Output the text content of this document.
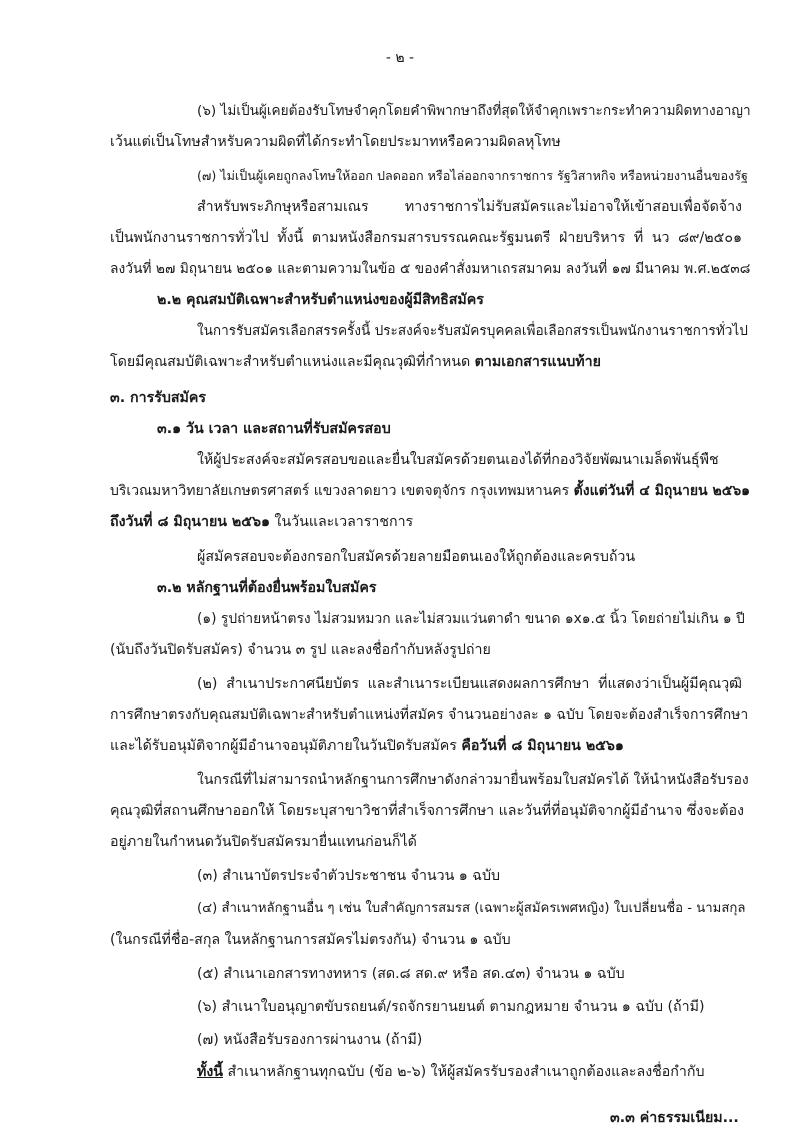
- ๒ -
(๖) ไม่เป็นผู้เคยต้องรับโทษจำคุกโดยคำพิพากษาถึงที่สุดให้จำคุกเพราะกระทำความผิดทางอาญา
เว้นแต่เป็นโทษสำหรับความผิดที่ได้กระทำโดยประมาทหรือความผิดลหุโทษ
(๗) ไม่เป็นผู้เคยถูกลงโทษให้ออก ปลดออก หรือไล่ออกจากราชการ รัฐวิสาหกิจ หรือหน่วยงานอื่นของรัฐ
สำหรับพระภิกษุหรือสามเณร ทางราชการไม่รับสมัครและไม่อาจให้เข้าสอบเพื่อจัดจ้าง
เป็นพนักงานราชการทั่วไป ทั้งนี้ ตามหนังสือกรมสารบรรณคณะรัฐมนตรี ฝ่ายบริหาร ที่ นว ๘๙/๒๕๐๑
ลงวันที่ ๒๗ มิถุนายน ๒๕๐๑ และตามความในข้อ ๕ ของคำสั่งมหาเถรสมาคม ลงวันที่ ๑๗ มีนาคม พ.ศ.๒๕๓๘
๒.๒ คุณสมบัติเฉพาะสำหรับตำแหน่งของผู้มีสิทธิสมัคร
ในการรับสมัครเลือกสรรครั้งนี้ ประสงค์จะรับสมัครบุคคลเพื่อเลือกสรรเป็นพนักงานราชการทั่วไป
โดยมีคุณสมบัติเฉพาะสำหรับตำแหน่งและมีคุณวุฒิที่กำหนด ตามเอกสารแนบท้าย
๓. การรับสมัคร
๓.๑ วัน เวลา และสถานที่รับสมัครสอบ
ให้ผู้ประสงค์จะสมัครสอบขอและยื่นใบสมัครด้วยตนเองได้ที่กองวิจัยพัฒนาเมล็ดพันธุ์พืช
บริเวณมหาวิทยาลัยเกษตรศาสตร์ แขวงลาดยาว เขตจตุจักร กรุงเทพมหานคร ตั้งแต่วันที่ ๔ มิถุนายน ๒๕๖๑
ถึงวันที่ ๘ มิถุนายน ๒๕๖๑ ในวันและเวลาราชการ
ผู้สมัครสอบจะต้องกรอกใบสมัครด้วยลายมือตนเองให้ถูกต้องและครบถ้วน
๓.๒ หลักฐานที่ต้องยื่นพร้อมใบสมัคร
(๑) รูปถ่ายหน้าตรง ไม่สวมหมวก และไม่สวมแว่นตาดำ ขนาด ๑x๑.๕ นิ้ว โดยถ่ายไม่เกิน ๑ ปี
(นับถึงวันปิดรับสมัคร) จำนวน ๓ รูป และลงชื่อกำกับหลังรูปถ่าย
(๒) สำเนาประกาศนียบัตร และสำเนาระเบียนแสดงผลการศึกษา ที่แสดงว่าเป็นผู้มีคุณวุฒิ
การศึกษาตรงกับคุณสมบัติเฉพาะสำหรับตำแหน่งที่สมัคร จำนวนอย่างละ ๑ ฉบับ โดยจะต้องสำเร็จการศึกษา
และได้รับอนุมัติจากผู้มีอำนาจอนุมัติภายในวันปิดรับสมัคร คือวันที่ ๘ มิถุนายน ๒๕๖๑
ในกรณีที่ไม่สามารถนำหลักฐานการศึกษาดังกล่าวมายื่นพร้อมใบสมัครได้ ให้นำหนังสือรับรอง
คุณวุฒิที่สถานศึกษาออกให้ โดยระบุสาขาวิชาที่สำเร็จการศึกษา และวันที่ที่อนุมัติจากผู้มีอำนาจ ซึ่งจะต้อง
อยู่ภายในกำหนดวันปิดรับสมัครมายื่นแทนก่อนก็ได้
(๓) สำเนาบัตรประจำตัวประชาชน จำนวน ๑ ฉบับ
(๔) สำเนาหลักฐานอื่น ๆ เช่น ใบสำคัญการสมรส (เฉพาะผู้สมัครเพศหญิง) ใบเปลี่ยนชื่อ - นามสกุล
(ในกรณีที่ชื่อ-สกุล ในหลักฐานการสมัครไม่ตรงกัน) จำนวน ๑ ฉบับ
(๕) สำเนาเอกสารทางทหาร (สด.๘ สด.๙ หรือ สด.๔๓) จำนวน ๑ ฉบับ
(๖) สำเนาใบอนุญาตขับรถยนต์/รถจักรยานยนต์ ตามกฎหมาย จำนวน ๑ ฉบับ (ถ้ามี)
(๗) หนังสือรับรองการผ่านงาน (ถ้ามี)
ทั้งนี้ สำเนาหลักฐานทุกฉบับ (ข้อ ๒-๖) ให้ผู้สมัครรับรองสำเนาถูกต้องและลงชื่อกำกับ
๓.๓ ค่าธรรมเนียม...
